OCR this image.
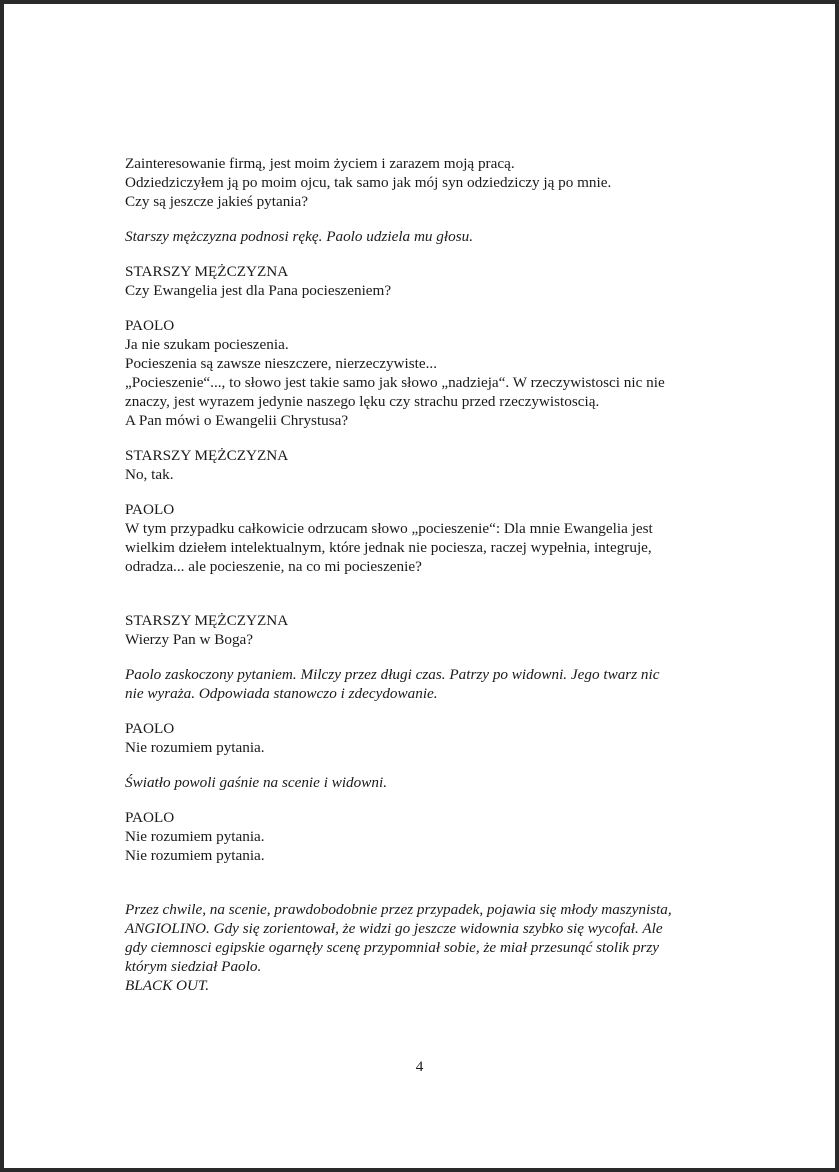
Zainteresowanie firmą, jest moim życiem i zarazem moją pracą.

Odziedziczyłem ją po moim ojcu, tak samo jak mój syn odziedziczy ją po mnie.

Czy są jeszcze jakieś pytania?

Starszy mężczyzna podnosi rękę. Paolo udziela mu głosu.

STARSZY MĘŻCZYZNA

Czy Ewangelia jest dla Pana pocieszeniem?

PAOLO

Ja nie szukam pocieszenia.

Pocieszenia są zawsze nieszczere, nierzeczywiste...

„Pocieszenie“..., to słowo jest takie samo jak słowo „nadzieja“. W rzeczywistosci nic nie

znaczy, jest wyrazem jedynie naszego lęku czy strachu przed rzeczywistoscią.

A Pan mówi o Ewangelii Chrystusa?

STARSZY MĘŻCZYZNA

No, tak.

PAOLO

W tym przypadku całkowicie odrzucam słowo „pocieszenie“: Dla mnie Ewangelia jest

wielkim dziełem intelektualnym, które jednak nie pociesza, raczej wypełnia, integruje,

odradza... ale pocieszenie, na co mi pocieszenie?

STARSZY MĘŻCZYZNA

Wierzy Pan w Boga?

Paolo zaskoczony pytaniem. Milczy przez długi czas. Patrzy po widowni. Jego twarz nic

nie wyraża. Odpowiada stanowczo i zdecydowanie.

PAOLO

Nie rozumiem pytania.

Światło powoli gaśnie na scenie i widowni.

PAOLO

Nie rozumiem pytania.

Nie rozumiem pytania.

Przez chwile, na scenie, prawdobodobnie przez przypadek, pojawia się młody maszynista,

ANGIOLINO. Gdy się zorientował, że widzi go jeszcze widownia szybko się wycofał. Ale

gdy ciemnosci egipskie ogarnęły scenę przypomniał sobie, że miał przesunąć stolik przy

którym siedział Paolo.

BLACK OUT.

4
